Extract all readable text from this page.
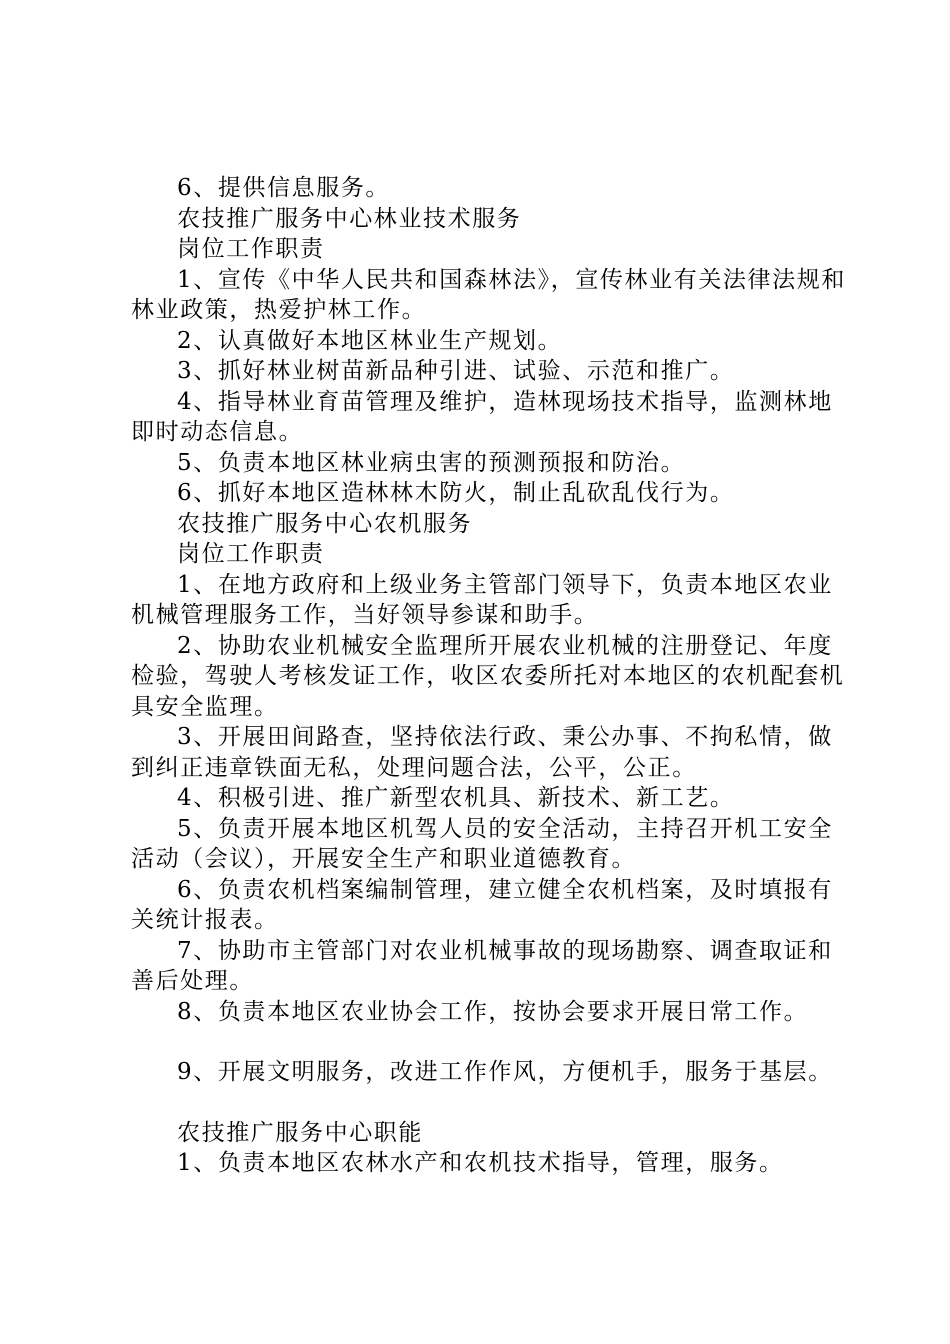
6、提供信息服务。

农技推广服务中心林业技术服务

岗位工作职责

1、宣传《中华人民共和国森林法》，宣传林业有关法律法规和林业政策，热爱护林工作。

2、认真做好本地区林业生产规划。

3、抓好林业树苗新品种引进、试验、示范和推广。

4、指导林业育苗管理及维护，造林现场技术指导，监测林地即时动态信息。

5、负责本地区林业病虫害的预测预报和防治。

6、抓好本地区造林林木防火，制止乱砍乱伐行为。

农技推广服务中心农机服务

岗位工作职责

1、在地方政府和上级业务主管部门领导下，负责本地区农业机械管理服务工作，当好领导参谋和助手。

2、协助农业机械安全监理所开展农业机械的注册登记、年度检验，驾驶人考核发证工作，收区农委所托对本地区的农机配套机具安全监理。

3、开展田间路查，坚持依法行政、秉公办事、不拘私情，做到纠正违章铁面无私，处理问题合法，公平，公正。

4、积极引进、推广新型农机具、新技术、新工艺。

5、负责开展本地区机驾人员的安全活动，主持召开机工安全活动（会议），开展安全生产和职业道德教育。

6、负责农机档案编制管理，建立健全农机档案，及时填报有关统计报表。

7、协助市主管部门对农业机械事故的现场勘察、调查取证和善后处理。

8、负责本地区农业协会工作，按协会要求开展日常工作。

9、开展文明服务，改进工作作风，方便机手，服务于基层。

农技推广服务中心职能

1、负责本地区农林水产和农机技术指导，管理，服务。
